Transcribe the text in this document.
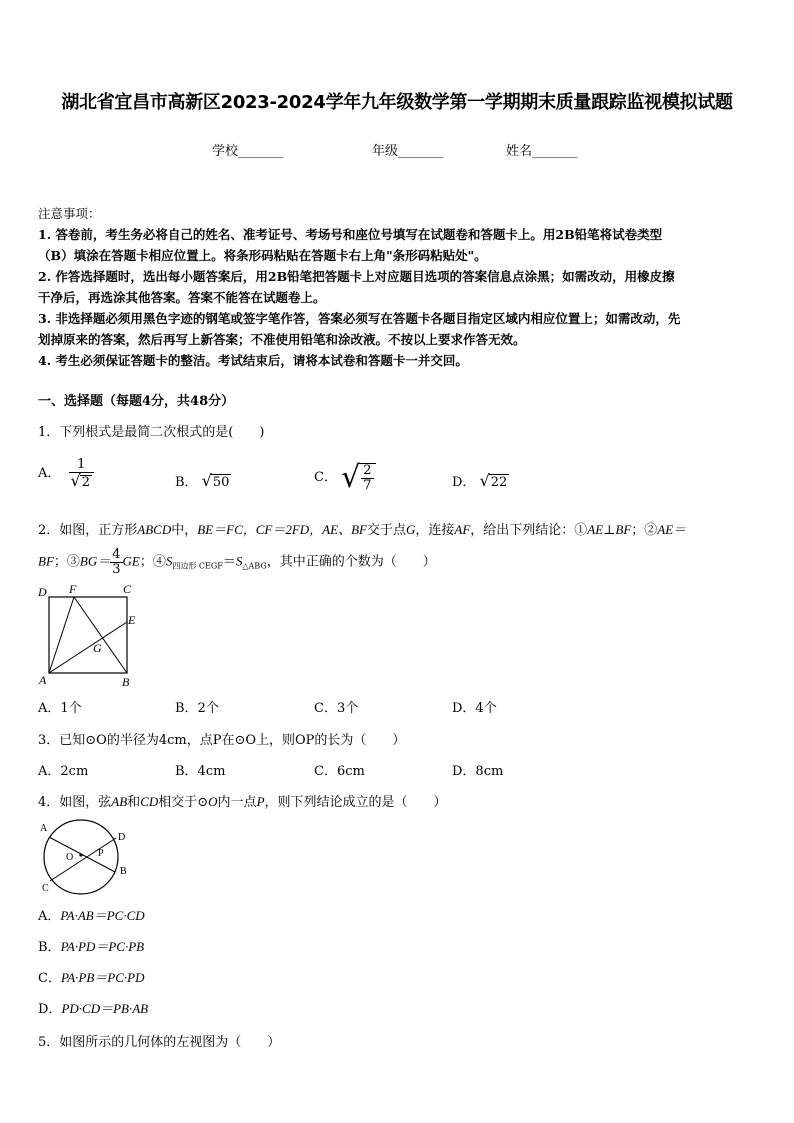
湖北省宜昌市高新区2023-2024学年九年级数学第一学期期末质量跟踪监视模拟试题
学校_______	年级_______	姓名_______
注意事项：
1. 答卷前，考生务必将自己的姓名、准考证号、考场号和座位号填写在试题卷和答题卡上。用2B铅笔将试卷类型
（B）填涂在答题卡相应位置上。将条形码粘贴在答题卡右上角"条形码粘贴处"。
2. 作答选择题时，选出每小题答案后，用2B铅笔把答题卡上对应题目选项的答案信息点涂黑；如需改动，用橡皮擦
干净后，再选涂其他答案。答案不能答在试题卷上。
3. 非选择题必须用黑色字迹的钢笔或签字笔作答，答案必须写在答题卡各题目指定区域内相应位置上；如需改动，先
划掉原来的答案，然后再写上新答案；不准使用铅笔和涂改液。不按以上要求作答无效。
4. 考生必须保证答题卡的整洁。考试结束后，请将本试卷和答题卡一并交回。
一、选择题（每题4分，共48分）
1．下列根式是最简二次根式的是(　　)
A． $\frac{1}{√2}$	B． √50	C． √ $\frac{2}{7}$	D． √22
2．如图，正方形ABCD中，BE＝FC，CF＝2FD，AE、BF交于点G，连接AF，给出下列结论：①AE⊥BF；②AE＝
BF；③BG＝ $\frac{4}{3}$ GE；$④S_{四边形 CEGF}=S_{\triangle ABG}$，其中正确的个数为（　　）
D F	C
E
G
A	B
A．1个	B．2个	C．3个	D．4个
3．已知⊙O的半径为4cm，点P在⊙O上，则OP的长为（　　）
A．2cm	B．4cm	C．6cm	D．8cm
4．如图，弦AB和CD相交于⊙O内一点P，则下列结论成立的是（　　）
A
D
O P
B
C
A．PA·AB＝PC·CD
B．PA·PD＝PC·PB
C．PA·PB＝PC·PD
D．PD·CD＝PB·AB
5．如图所示的几何体的左视图为（　　）
